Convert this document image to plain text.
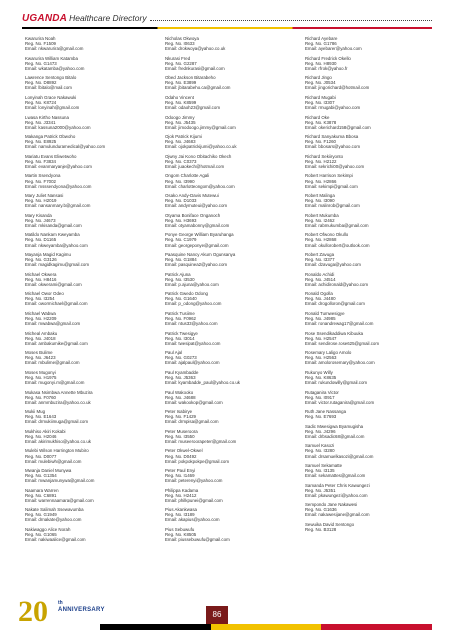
UGANDA Healthcare Directory
Kwarurira Noah
Reg. No. F1509
Email: nkwarurira@gmail.com
Kwarurira William Katamba
Reg. No. G1473
Email: wkatamba@yahoo.com
Lawrence Sentongo Bitalo
Reg. No. D8892
Email: lbitalo@mail.com
Lonyinah Grace Nakawuki
Reg. No. K8724
Email: lonyinah@gmail.com
Lwasa Kirtho Nassuna
Reg. No. J3341
Email: kassuna2000@yahoo.com
Makanga Patrick Obwoho
Reg. No. E8925
Email: namulunduramedical@yahoo.com
Mariatu Evans Eliwetwoho
Reg. No. F3834
Email: evanmaryanje@yahoo.com
Martin Ssendyona
Reg. No. F7002
Email: msssendyona@yahoo.com
Mary Juliet Nansasi
Reg. No. H2019
Email: nansanmary.b@gmail.com
Mary Kisanda
Reg. No. J4673
Email: mkisanda@gmail.com
Matildo Nankam Kweyamba
Reg. No. D1165
Email: nkweyamba@yahoo.com
Mayanja Magid Kagimu
Reg. No. G3126
Email: magidkagimu@gmail.com
Michael Okwera
Reg. No. H8416
Email: okwerami@gmail.com
Michael Owor Odeo
Reg. No. I3254
Email: owormichael@gmail.com
Michael Wabwa
Reg. No. H2209
Email: mwabwa@gmail.com
Micheal Ambaku
Reg. No. J4018
Email: ambakumike@gmail.com
Moses Bulime
Reg. No. J6423
Email: mbulime@gmail.com
Moses Mugonyi
Reg. No. H1975
Email: mugonyi.m@gmail.com
Mukasa Nsimbwa Annette Mbuzira
Reg. No. F0760
Email: anmmbuzira@yahoo.co.uk
Mukii Mug
Reg. No. E1643
Email: drmukiimuga@gmail.com
Mukhiso Akiri Kokabi
Reg. No. H2046
Email: akirimukhiso@yahoo.co.uk
Mulebi Wilson Harrington Mubiro
Reg. No. D0077
Email: mulebiwh@gmail.com
Mwanja Daniel Munywa
Reg. No. G1354
Email: mwanjamunywa@gmail.com
Naamara Warren
Reg. No. C6891
Email: warrennaamara@gmail.com
Nakate Salimah Ssewavumba
Reg. No. G1949
Email: drnakate@yahoo.com
Nakiwaggo Alice Norah
Reg. No. G1065
Email: nakiwaalice@gmail.com
Nicholas Okwoya
Reg. No. I0633
Email: drokwoya@yahoo.co.uk
Nkurasi Fred
Reg. No. G2287
Email: frednkurasi@gmail.com
Obed Jackson Bitarabeho
Reg. No. E3899
Email: jbitarabeho.ca@gmail.com
Odaho Vincent
Reg. No. K8599
Email: odaoh23@gmail.com
Odoogo Jimmy
Reg. No. J5435
Email: jimodoogo.jimmy@gmail.com
Ojok Patrick Kijumi
Reg. No. J4683
Email: ojokpatrickijumi@yahoo.co.uk
Ojwny Jai Kono Obitachiko Okech
Reg. No. C0373
Email: juaokech@hotmail.com
Ongom Charlotte Agali
Reg. No. I3990
Email: charlotteongom@yahoo.com
Osako Andy-Davis Mutewui
Reg. No. D1033
Email: andymuteui@yahoo.com
Otyama Boniface Onganoch
Reg. No. H3693
Email: otyamabonny@gmail.com
Ponye George William Byaruhanga
Reg. No. C1979
Email: georgeponye@gmail.com
Paasquine Nancy Akum Ogunsanya
Reg. No. G1884
Email: pasquinea2@yahoo.com
Patrick Ajuna
Reg. No. I3530
Email: p.ajuna@yahoo.com
Patrick Gwedo Odong
Reg. No. G1640
Email: p_odong@yahoo.com
Patrick Tusiime
Reg. No. F0962
Email: ntus33@yahoo.com
Patrick Twesigye
Reg. No. I3014
Email: twesipat@yahoo.com
Paul Ajal
Reg. No. G0273
Email: ajalpaul@yahoo.com
Paul Kyambadde
Reg. No. J5363
Email: kyambadde_paul@yahoo.co.uk
Paul Wakooko
Reg. No. J4688
Email: wakookop@gmail.com
Peter Isabirye
Reg. No. F1429
Email: drmpisa@gmail.com
Peter Museroora
Reg. No. I3550
Email: museeroorapeter@gmail.com
Peter Okwel-Okwel
Reg. No. D0492
Email: pokpokpokpe@gmail.com
Peter Paul Enyi
Reg. No. I1469
Email: peterenyi@yahoo.com
Philippa Kadama
Reg. No. H2412
Email: philkpunei@gmail.com
Pius Akankwasa
Reg. No. I3189
Email: akapius@yahoo.com
Pius Sebuwufu
Reg. No. K8505
Email: piussebuwufu@gmail.com
Richard Ayebare
Reg. No. G1786
Email: ayebarer@yahoo.com
Richard Fredrick Okello
Reg. No. H8930
Email: rfrok@yahoo.fr
Richard Jingo
Reg. No. J0534
Email: jingorichard@hotmail.com
Richard Mugabi
Reg. No. I3307
Email: rmugabi@yahoo.com
Richard Oke
Reg. No. K3878
Email: okerichard158@gmail.com
Richard Sanyakuma Bbosa
Reg. No. F1260
Email: bbosars@yahoo.com
Richard Sekiiryonto
Reg. No. H2122
Email: sekrichi00@yahoo.com
Robert Harrison Sekimpi
Reg. No. H2866
Email: sekimpi@gmail.com
Robert Malinga
Reg. No. I3090
Email: malinrob@gmail.com
Robert Mukumba
Reg. No. I2462
Email: rabmukumba@gmail.com
Robert Ofwono Okullo
Reg. No. H2868
Email: okullorobert@outlook.com
Robert Zavuga
Reg. No. I3377
Email: dzavuga@yahoo.com
Ronaldo Achidi
Reg. No. J4514
Email: achidironald@yahoo.com
Ronald Ogolla
Reg. No. J4480
Email: drogolloron@gmail.com
Ronald Tumwesigye
Reg. No. J4985
Email: ronandrewag17@gmail.com
Rose Ssendikaddiwa Kibuuka
Reg. No. H2547
Email: sendirose.rose625@gmail.com
Rosemary Laligo Amolo
Reg. No. H2563
Email: amolorosemary@yahoo.com
Rukunyo Willy
Reg. No. K8635
Email: rukundowilly@gmail.com
Rutaganira Victor
Reg. No. I0917
Email: victor.rutaganira@gmail.com
Ruth Jane Nassanga
Reg. No. E7693
Sadic Mwesigwa Byamugisha
Reg. No. J4296
Email: drbsadic68@gmail.com
Samuel Kasozi
Reg. No. I3280
Email: drsamuelkasozi@gmail.com
Samuel Sekamatte
Reg. No. I3135
Email: sekamattes@gmail.com
Samanda Peter Chris Kawungezi
Reg. No. J5351
Email: pkawungezi@yahoo.com
Sempondo Jane Nakawesi
Reg. No. G1636
Email: nakawesijane@gmail.com
Sewuika David Sentongo
Reg. No. B3128
20 th
ANNIVERSARY	86
